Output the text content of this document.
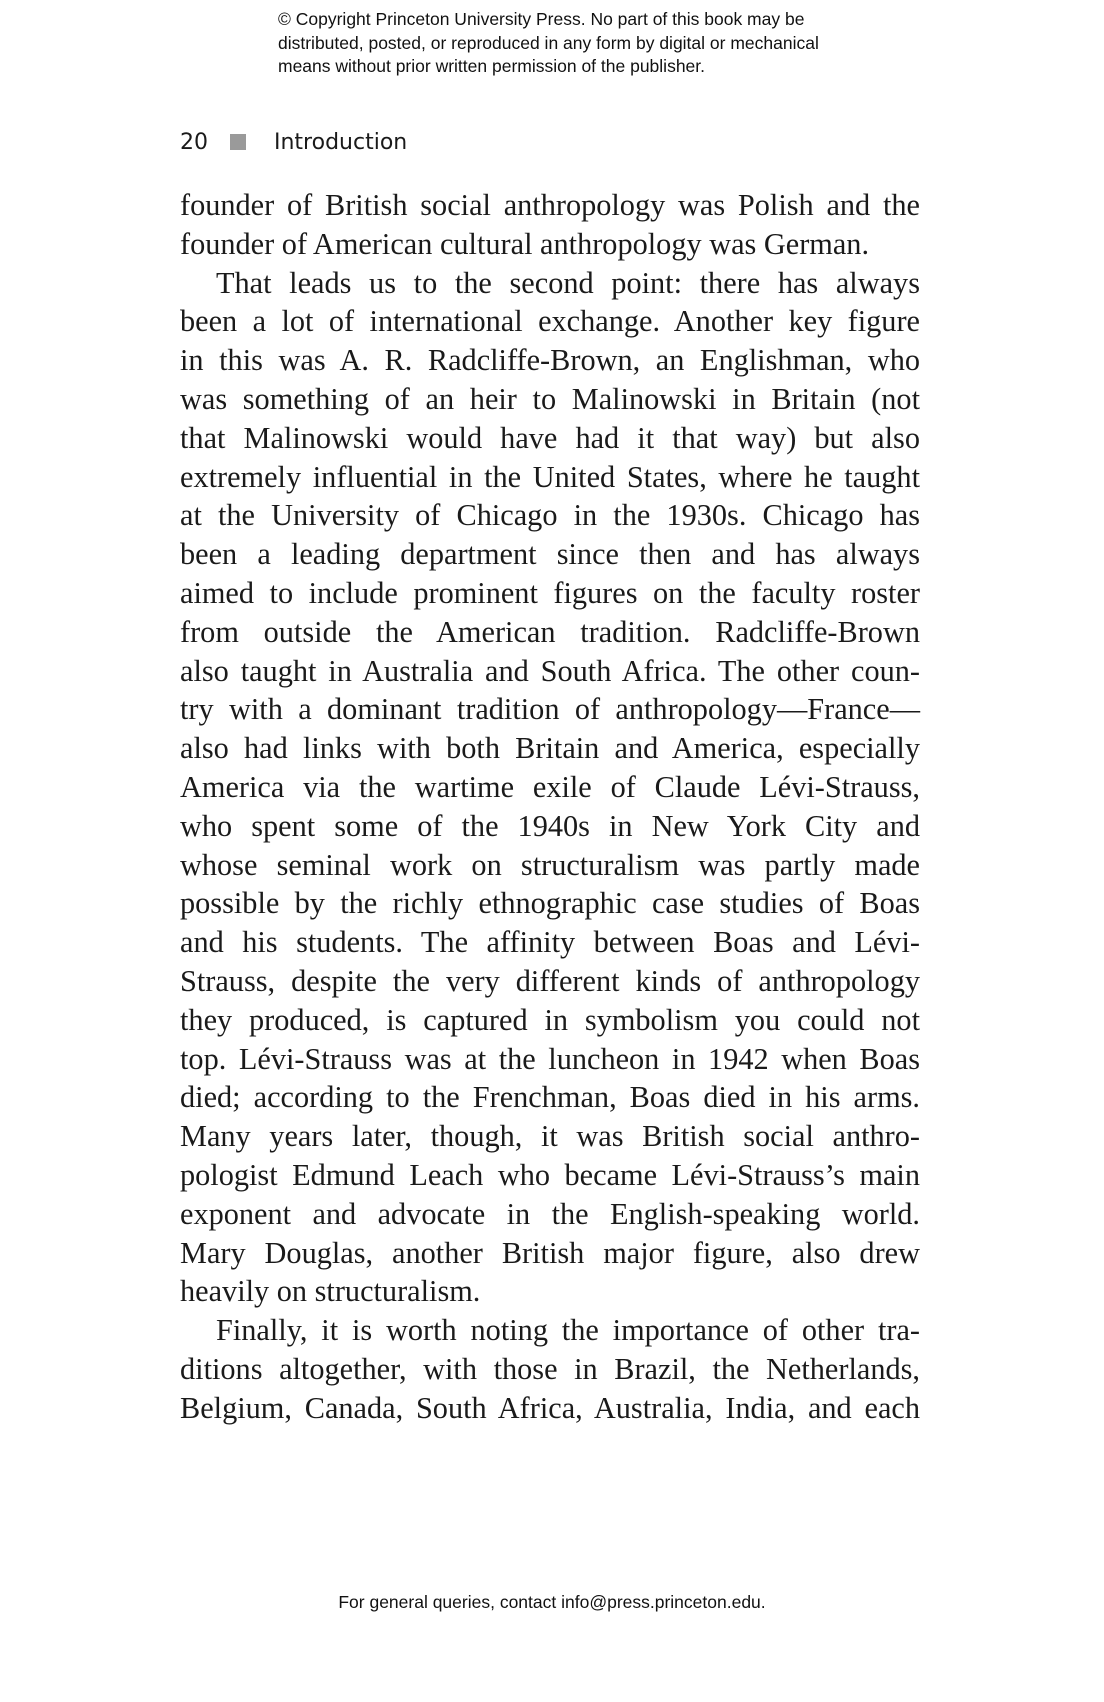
© Copyright Princeton University Press. No part of this book may be
distributed, posted, or reproduced in any form by digital or mechanical
means without prior written permission of the publisher.
20	Introduction
founder of British social anthropology was Polish and the
founder of American cultural anthropology was German.
That leads us to the second point: there has always
been a lot of international exchange. Another key figure
in this was A. R. Radcliffe-Brown, an Englishman, who
was something of an heir to Malinowski in Britain (not
that Malinowski would have had it that way) but also
extremely influential in the United States, where he taught
at the University of Chicago in the 1930s. Chicago has
been a leading department since then and has always
aimed to include prominent figures on the faculty roster
from outside the American tradition. Radcliffe-Brown
also taught in Australia and South Africa. The other coun-
try with a dominant tradition of anthropology—France—
also had links with both Britain and America, especially
America via the wartime exile of Claude Lévi-Strauss,
who spent some of the 1940s in New York City and
whose seminal work on structuralism was partly made
possible by the richly ethnographic case studies of Boas
and his students. The affinity between Boas and Lévi-
Strauss, despite the very different kinds of anthropology
they produced, is captured in symbolism you could not
top. Lévi-Strauss was at the luncheon in 1942 when Boas
died; according to the Frenchman, Boas died in his arms.
Many years later, though, it was British social anthro-
pologist Edmund Leach who became Lévi-Strauss’s main
exponent and advocate in the English-speaking world.
Mary Douglas, another British major figure, also drew
heavily on structuralism.
Finally, it is worth noting the importance of other tra-
ditions altogether, with those in Brazil, the Netherlands,
Belgium, Canada, South Africa, Australia, India, and each
For general queries, contact info@press.princeton.edu.
